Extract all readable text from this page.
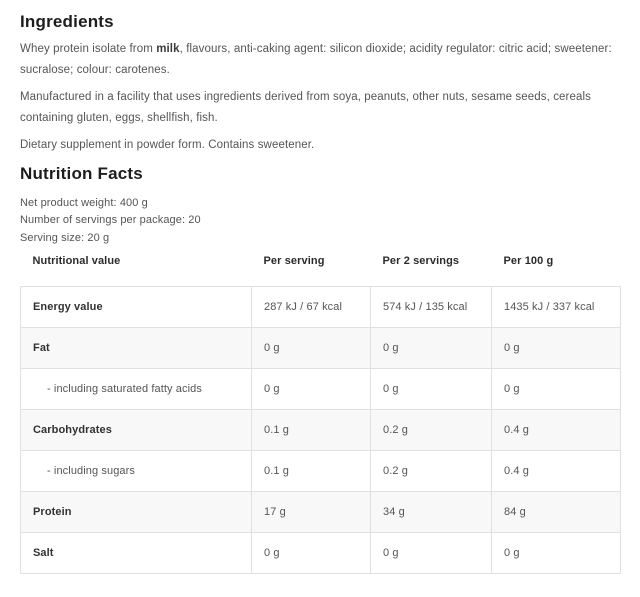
Ingredients

Whey protein isolate from milk, flavours, anti-caking agent: silicon dioxide; acidity regulator: citric acid; sweetener: sucralose; colour: carotenes.

Manufactured in a facility that uses ingredients derived from soya, peanuts, other nuts, sesame seeds, cereals containing gluten, eggs, shellfish, fish.

Dietary supplement in powder form. Contains sweetener.

Nutrition Facts
Net product weight: 400 g
Number of servings per package: 20
Serving size: 20 g
Nutritional value	Per serving	Per 2 servings	Per 100 g
Energy value	287 kJ / 67 kcal	574 kJ / 135 kcal	1435 kJ / 337 kcal
Fat	0 g	0 g	0 g
- including saturated fatty acids	0 g	0 g	0 g
Carbohydrates	0.1 g	0.2 g	0.4 g
- including sugars	0.1 g	0.2 g	0.4 g
Protein	17 g	34 g	84 g
Salt	0 g	0 g	0 g
